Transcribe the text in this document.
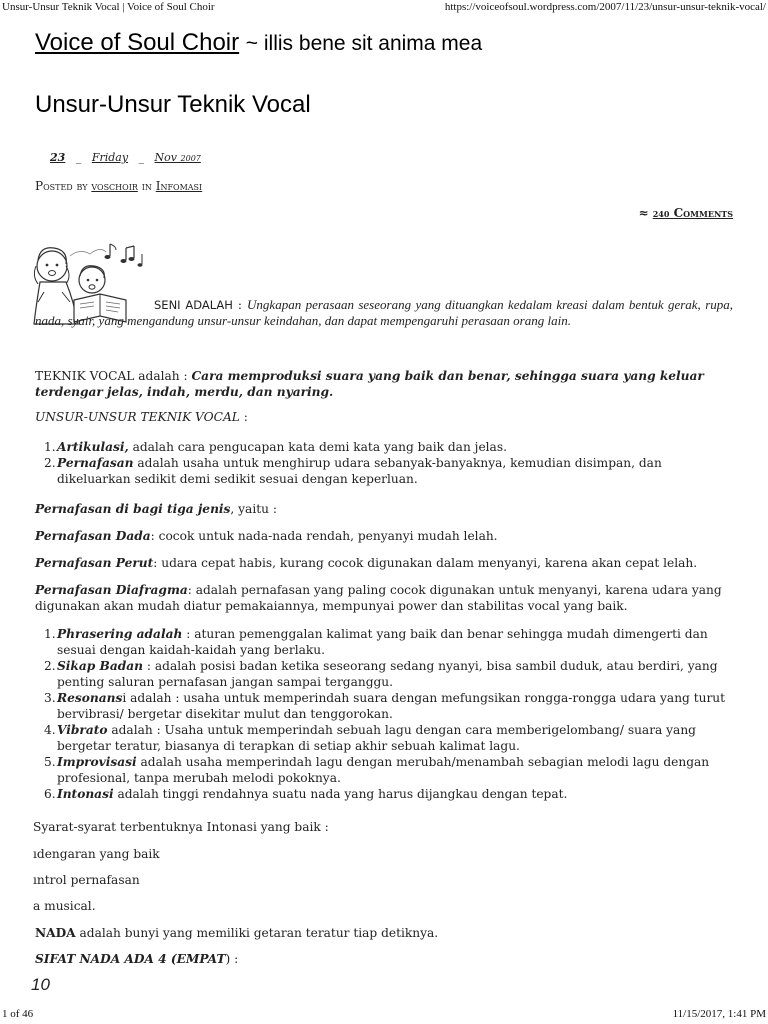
Unsur-Unsur Teknik Vocal | Voice of Soul Choir	https://voiceofsoul.wordpress.com/2007/11/23/unsur-unsur-teknik-vocal/
Voice of Soul Choir ~ illis bene sit anima mea
Unsur-Unsur Teknik Vocal
23 _ Friday _ Nov 2007
Posted by voschoir in Infomasi
≈ 240 Comments
SENI ADALAH : Ungkapan perasaan seseorang yang dituangkan kedalam kreasi dalam bentuk gerak, rupa, nada, syair, yang mengandung unsur-unsur keindahan, dan dapat mempengaruhi perasaan orang lain.
TEKNIK VOCAL adalah : Cara memproduksi suara yang baik dan benar, sehingga suara yang keluar terdengar jelas, indah, merdu, dan nyaring.
UNSUR-UNSUR TEKNIK VOCAL :
1. Artikulasi, adalah cara pengucapan kata demi kata yang baik dan jelas.
2. Pernafasan adalah usaha untuk menghirup udara sebanyak-banyaknya, kemudian disimpan, dan dikeluarkan sedikit demi sedikit sesuai dengan keperluan.
Pernafasan di bagi tiga jenis, yaitu :
Pernafasan Dada: cocok untuk nada-nada rendah, penyanyi mudah lelah.
Pernafasan Perut: udara cepat habis, kurang cocok digunakan dalam menyanyi, karena akan cepat lelah.
Pernafasan Diafragma: adalah pernafasan yang paling cocok digunakan untuk menyanyi, karena udara yang digunakan akan mudah diatur pemakaiannya, mempunyai power dan stabilitas vocal yang baik.
1. Phrasering adalah : aturan pemenggalan kalimat yang baik dan benar sehingga mudah dimengerti dan sesuai dengan kaidah-kaidah yang berlaku.
2. Sikap Badan : adalah posisi badan ketika seseorang sedang nyanyi, bisa sambil duduk, atau berdiri, yang penting saluran pernafasan jangan sampai terganggu.
3. Resonansi adalah : usaha untuk memperindah suara dengan mefungsikan rongga-rongga udara yang turut bervibrasi/ bergetar disekitar mulut dan tenggorokan.
4. Vibrato adalah : Usaha untuk memperindah sebuah lagu dengan cara memberigelombang/ suara yang bergetar teratur, biasanya di terapkan di setiap akhir sebuah kalimat lagu.
5. Improvisasi adalah usaha memperindah lagu dengan merubah/menambah sebagian melodi lagu dengan profesional, tanpa merubah melodi pokoknya.
6. Intonasi adalah tinggi rendahnya suatu nada yang harus dijangkau dengan tepat.
Syarat-syarat terbentuknya Intonasi yang baik :
ıdengaran yang baik
ıntrol pernafasan
a musical.
NADA adalah bunyi yang memiliki getaran teratur tiap detiknya.
SIFAT NADA ADA 4 (EMPAT) :
10
1 of 46	11/15/2017, 1:41 PM
